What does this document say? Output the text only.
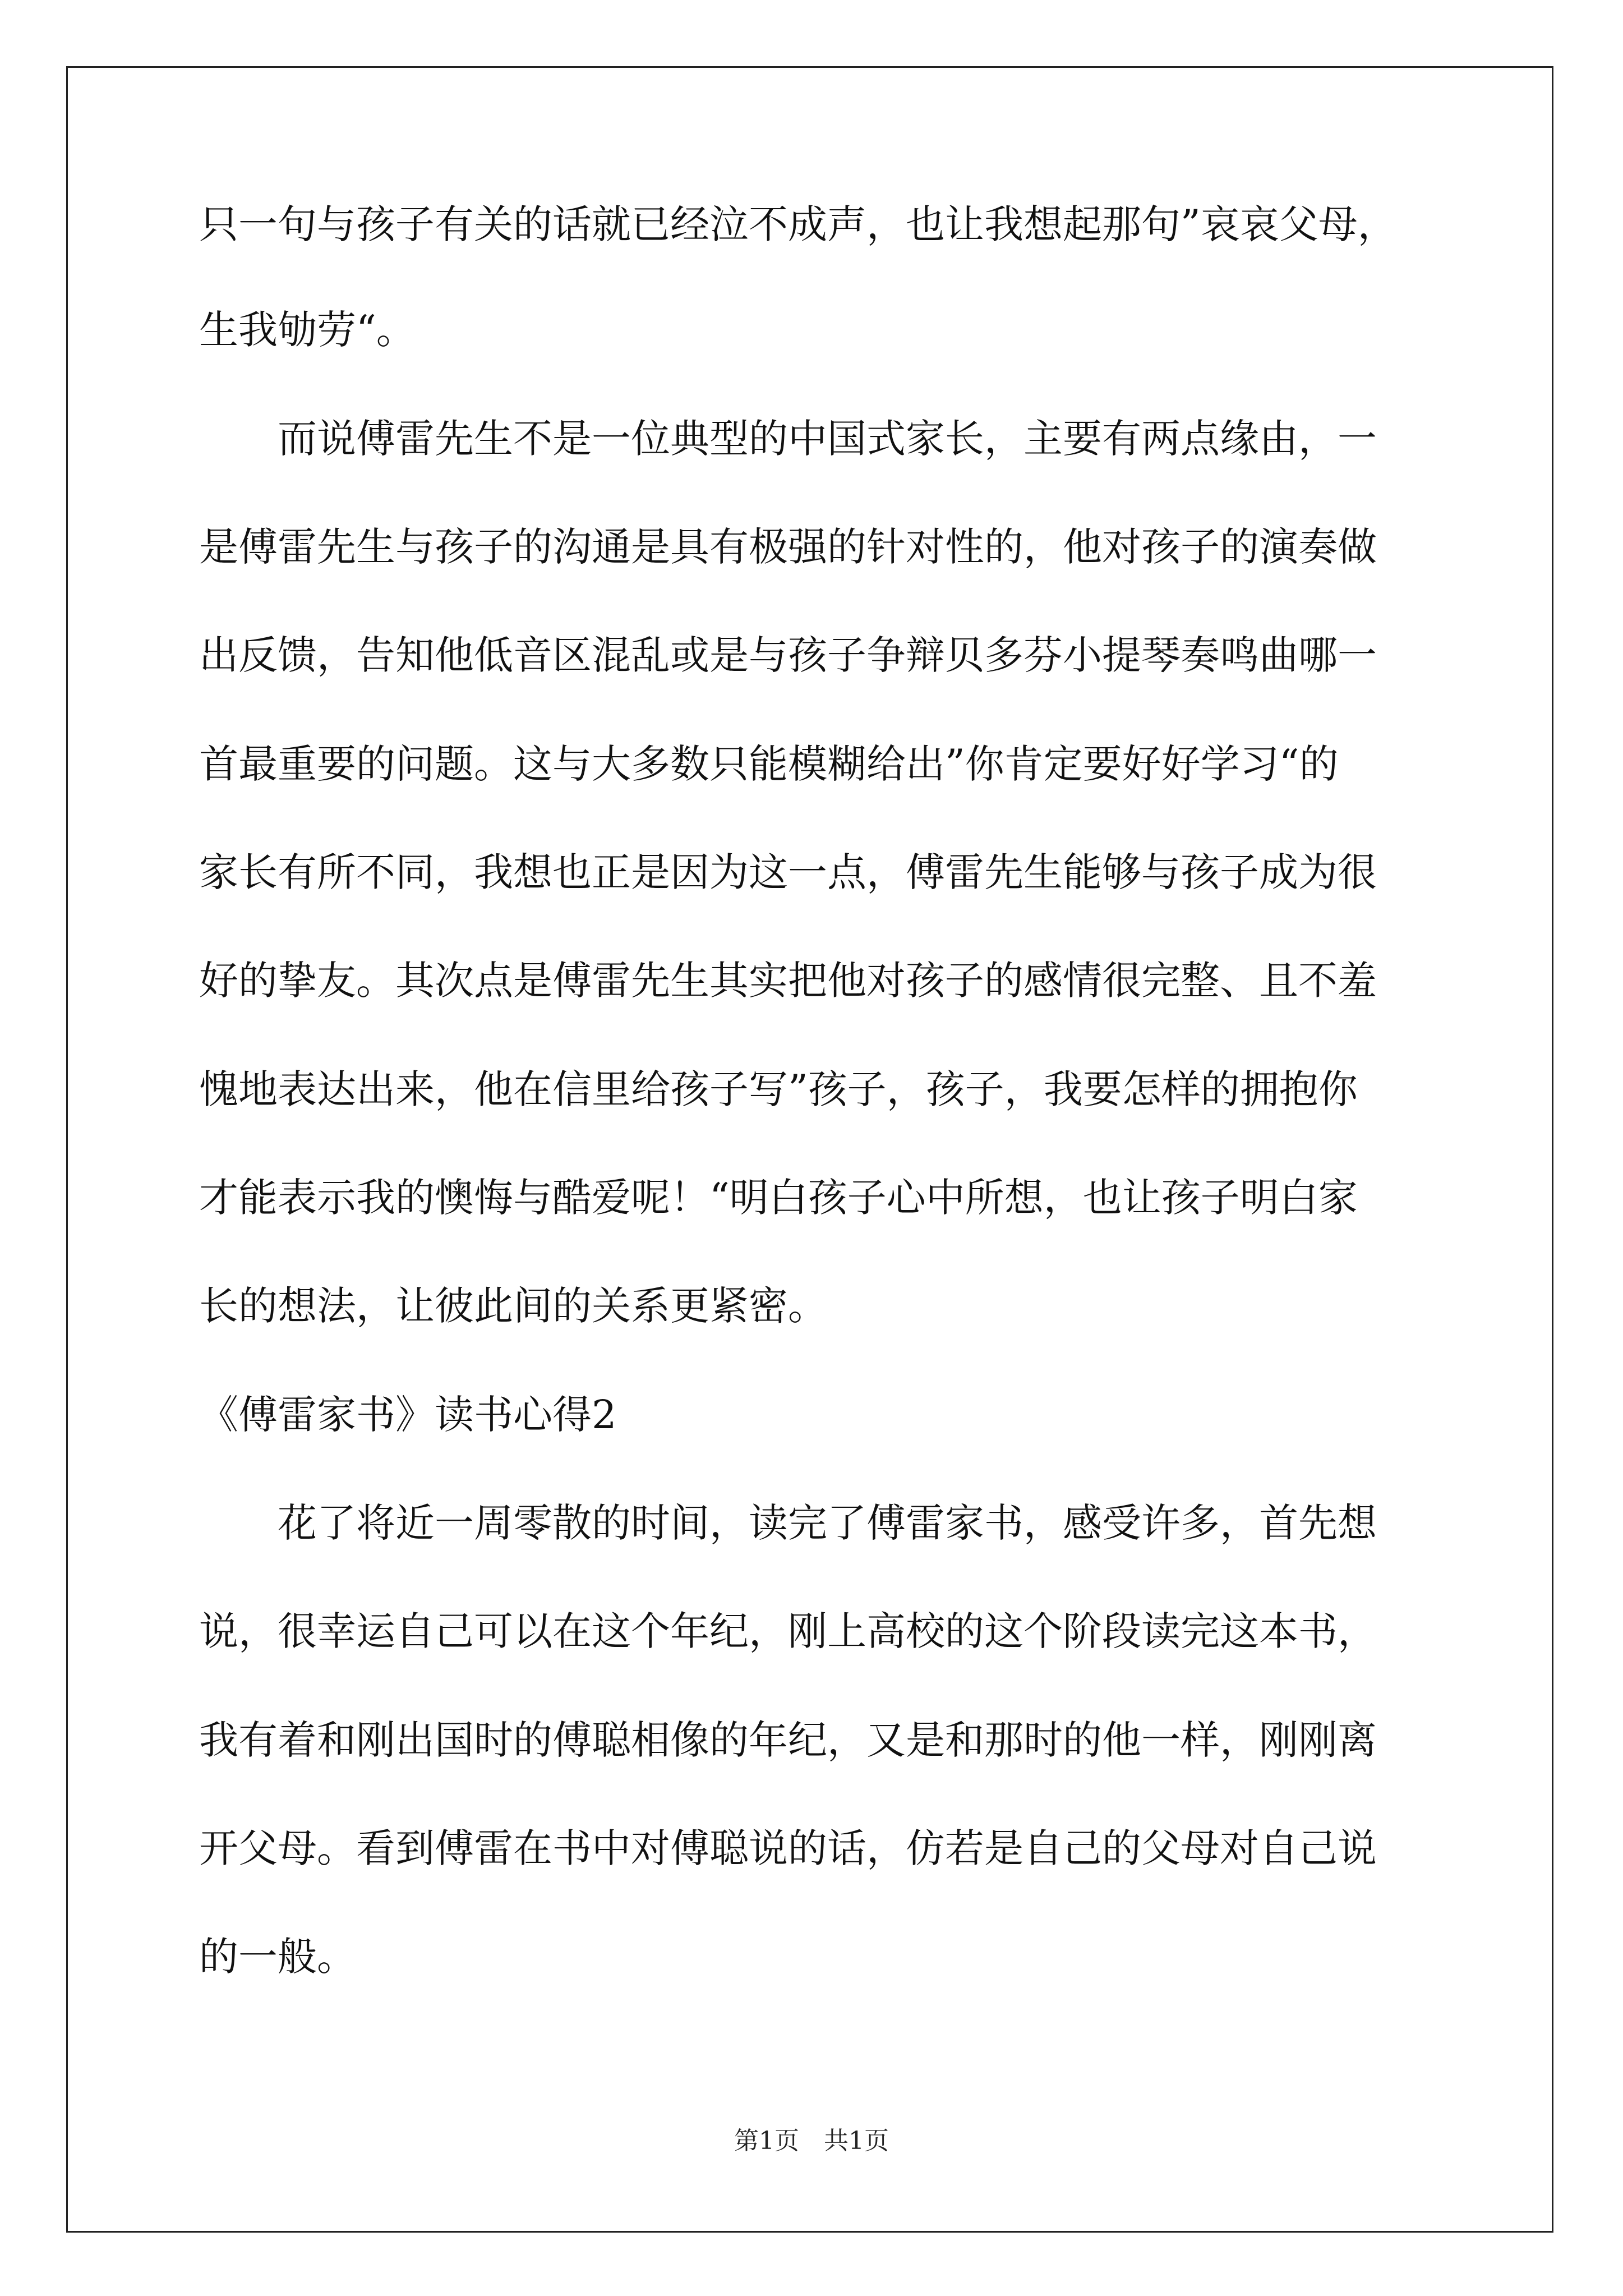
只一句与孩子有关的话就已经泣不成声，也让我想起那句”哀哀父母，
生我劬劳“。
而说傅雷先生不是一位典型的中国式家长，主要有两点缘由，一
是傅雷先生与孩子的沟通是具有极强的针对性的，他对孩子的演奏做
出反馈，告知他低音区混乱或是与孩子争辩贝多芬小提琴奏鸣曲哪一
首最重要的问题。这与大多数只能模糊给出”你肯定要好好学习“的
家长有所不同，我想也正是因为这一点，傅雷先生能够与孩子成为很
好的挚友。其次点是傅雷先生其实把他对孩子的感情很完整、且不羞
愧地表达出来，他在信里给孩子写”孩子，孩子，我要怎样的拥抱你
才能表示我的懊悔与酷爱呢！“明白孩子心中所想，也让孩子明白家
长的想法，让彼此间的关系更紧密。
《傅雷家书》读书心得2
花了将近一周零散的时间，读完了傅雷家书，感受许多，首先想
说，很幸运自己可以在这个年纪，刚上高校的这个阶段读完这本书，
我有着和刚出国时的傅聪相像的年纪，又是和那时的他一样，刚刚离
开父母。看到傅雷在书中对傅聪说的话，仿若是自己的父母对自己说
的一般。
第1页　共1页
